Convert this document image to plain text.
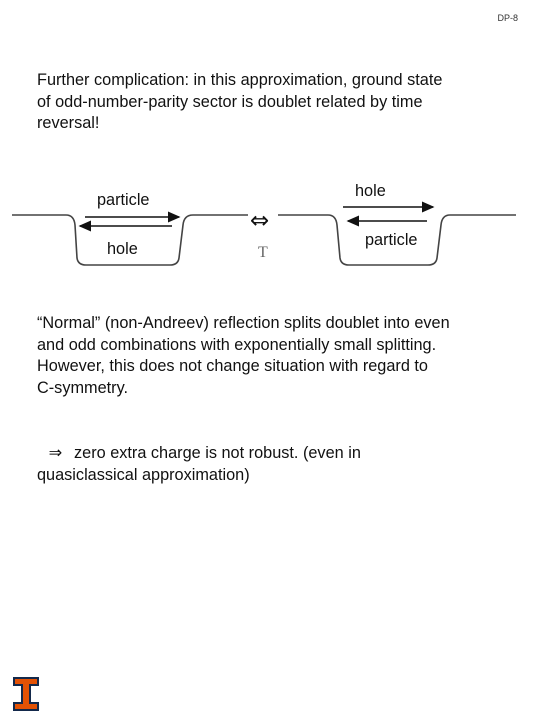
DP-8
Further complication: in this approximation, ground state
of odd-number-parity sector is doublet related by time
reversal!
particle
hole
hole
particle
⇔
T
“Normal” (non-Andreev) reflection splits doublet into even
and odd combinations with exponentially small splitting.
However, this does not change situation with regard to
C-symmetry.
⇒ zero extra charge is not robust. (even in
quasiclassical approximation)
